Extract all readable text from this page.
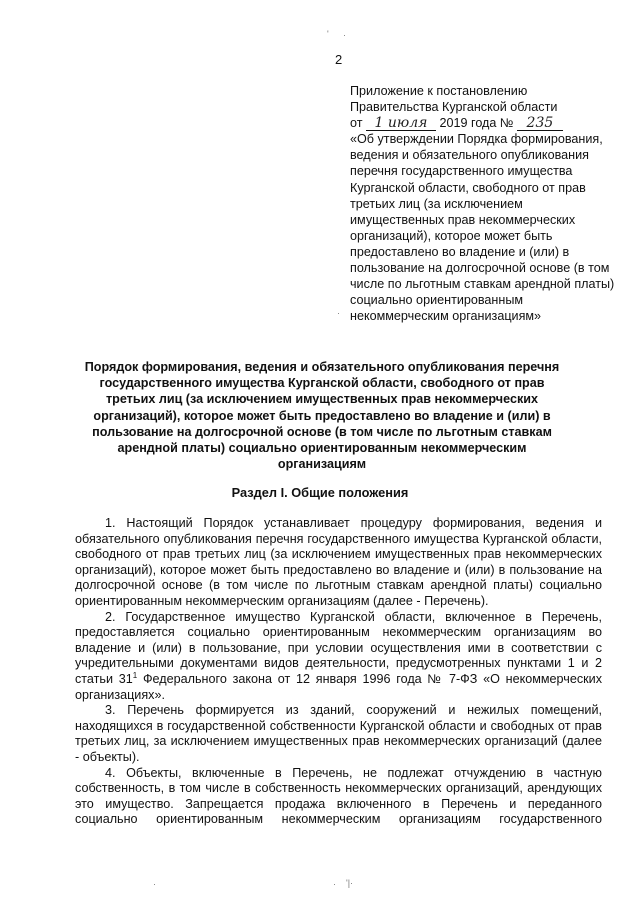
' ·
·
· '|·
·
2
Приложение к постановлению
Правительства Курганской области
от 1 июля 2019 года № 235
«Об утверждении Порядка формирования, ведения и обязательного опубликования перечня государственного имущества Курганской области, свободного от прав третьих лиц (за исключением имущественных прав некоммерческих организаций), которое может быть предоставлено во владение и (или) в пользование на долгосрочной основе (в том числе по льготным ставкам арендной платы) социально ориентированным некоммерческим организациям»
Порядок формирования, ведения и обязательного опубликования перечня государственного имущества Курганской области, свободного от прав третьих лиц (за исключением имущественных прав некоммерческих организаций), которое может быть предоставлено во владение и (или) в пользование на долгосрочной основе (в том числе по льготным ставкам арендной платы) социально ориентированным некоммерческим организациям
Раздел I. Общие положения

1. Настоящий Порядок устанавливает процедуру формирования, ведения и обязательного опубликования перечня государственного имущества Курганской области, свободного от прав третьих лиц (за исключением имущественных прав некоммерческих организаций), которое может быть предоставлено во владение и (или) в пользование на долгосрочной основе (в том числе по льготным ставкам арендной платы) социально ориентированным некоммерческим организациям (далее - Перечень).

2. Государственное имущество Курганской области, включенное в Перечень, предоставляется социально ориентированным некоммерческим организациям во владение и (или) в пользование, при условии осуществления ими в соответствии с учредительными документами видов деятельности, предусмотренных пунктами 1 и 2 статьи $31^1$ Федерального закона от 12 января 1996 года № 7-ФЗ «О некоммерческих организациях».

3. Перечень формируется из зданий, сооружений и нежилых помещений, находящихся в государственной собственности Курганской области и свободных от прав третьих лиц, за исключением имущественных прав некоммерческих организаций (далее - объекты).

4. Объекты, включенные в Перечень, не подлежат отчуждению в частную собственность, в том числе в собственность некоммерческих организаций, арендующих это имущество. Запрещается продажа включенного в Перечень и переданного социально ориентированным некоммерческим организациям государственного
